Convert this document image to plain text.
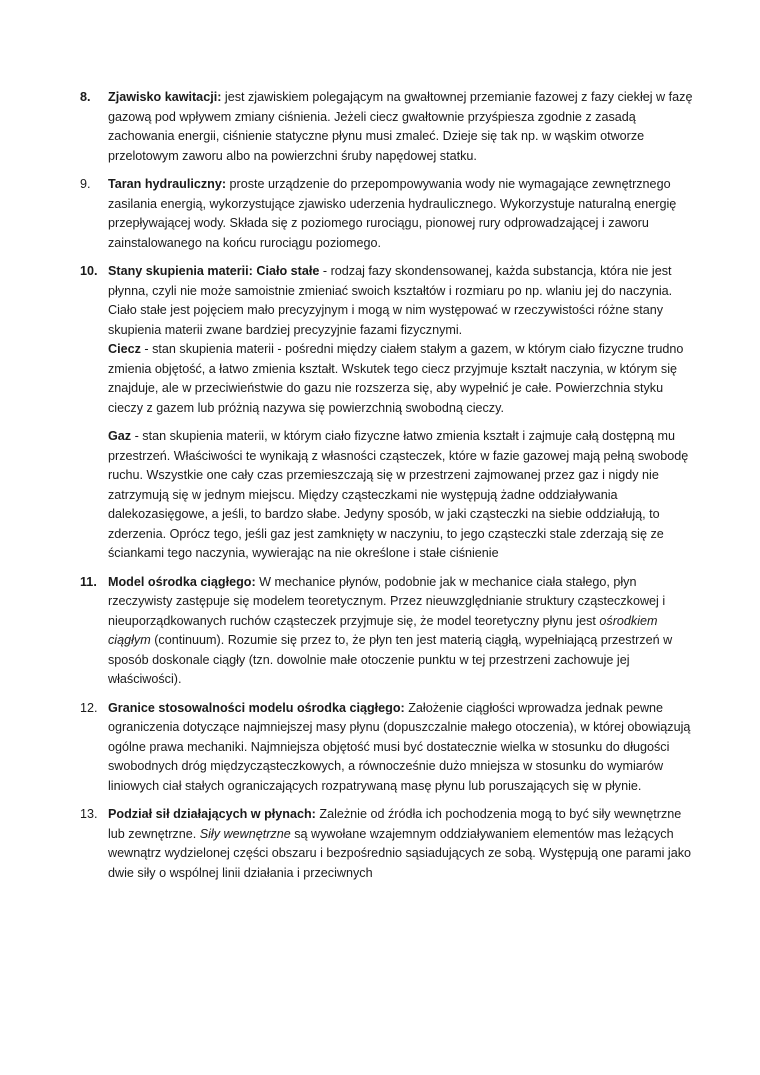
8. Zjawisko kawitacji: jest zjawiskiem polegającym na gwałtownej przemianie fazowej z fazy ciekłej w fazę gazową pod wpływem zmiany ciśnienia. Jeżeli ciecz gwałtownie przyśpiesza zgodnie z zasadą zachowania energii, ciśnienie statyczne płynu musi zmaleć. Dzieje się tak np. w wąskim otworze przelotowym zaworu albo na powierzchni śruby napędowej statku.
9. Taran hydrauliczny: proste urządzenie do przepompowywania wody nie wymagające zewnętrznego zasilania energią, wykorzystujące zjawisko uderzenia hydraulicznego. Wykorzystuje naturalną energię przepływającej wody. Składa się z poziomego rurociągu, pionowej rury odprowadzającej i zaworu zainstalowanego na końcu rurociągu poziomego.
10. Stany skupienia materii: Ciało stałe - rodzaj fazy skondensowanej, każda substancja, która nie jest płynna, czyli nie może samoistnie zmieniać swoich kształtów i rozmiaru po np. wlaniu jej do naczynia. Ciało stałe jest pojęciem mało precyzyjnym i mogą w nim występować w rzeczywistości różne stany skupienia materii zwane bardziej precyzyjnie fazami fizycznymi.
Ciecz - stan skupienia materii - pośredni między ciałem stałym a gazem, w którym ciało fizyczne trudno zmienia objętość, a łatwo zmienia kształt. Wskutek tego ciecz przyjmuje kształt naczynia, w którym się znajduje, ale w przeciwieństwie do gazu nie rozszerza się, aby wypełnić je całe. Powierzchnia styku cieczy z gazem lub próżnią nazywa się powierzchnią swobodną cieczy.
Gaz - stan skupienia materii, w którym ciało fizyczne łatwo zmienia kształt i zajmuje całą dostępną mu przestrzeń. Właściwości te wynikają z własności cząsteczek, które w fazie gazowej mają pełną swobodę ruchu. Wszystkie one cały czas przemieszczają się w przestrzeni zajmowanej przez gaz i nigdy nie zatrzymują się w jednym miejscu. Między cząsteczkami nie występują żadne oddziaływania dalekozasięgowe, a jeśli, to bardzo słabe. Jedyny sposób, w jaki cząsteczki na siebie oddziałują, to zderzenia. Oprócz tego, jeśli gaz jest zamknięty w naczyniu, to jego cząsteczki stale zderzają się ze ściankami tego naczynia, wywierając na nie określone i stałe ciśnienie
11. Model ośrodka ciągłego: W mechanice płynów, podobnie jak w mechanice ciała stałego, płyn rzeczywisty zastępuje się modelem teoretycznym. Przez nieuwzględnianie struktury cząsteczkowej i nieuporządkowanych ruchów cząsteczek przyjmuje się, że model teoretyczny płynu jest ośrodkiem ciągłym (continuum). Rozumie się przez to, że płyn ten jest materią ciągłą, wypełniającą przestrzeń w sposób doskonale ciągły (tzn. dowolnie małe otoczenie punktu w tej przestrzeni zachowuje jej właściwości).
12. Granice stosowalności modelu ośrodka ciągłego: Założenie ciągłości wprowadza jednak pewne ograniczenia dotyczące najmniejszej masy płynu (dopuszczalnie małego otoczenia), w której obowiązują ogólne prawa mechaniki. Najmniejsza objętość musi być dostatecznie wielka w stosunku do długości swobodnych dróg międzycząsteczkowych, a równocześnie dużo mniejsza w stosunku do wymiarów liniowych ciał stałych ograniczających rozpatrywaną masę płynu lub poruszających się w płynie.
13. Podział sił działających w płynach: Zależnie od źródła ich pochodzenia mogą to być siły wewnętrzne lub zewnętrzne. Siły wewnętrzne są wywołane wzajemnym oddziaływaniem elementów mas leżących wewnątrz wydzielonej części obszaru i bezpośrednio sąsiadujących ze sobą. Występują one parami jako dwie siły o wspólnej linii działania i przeciwnych
